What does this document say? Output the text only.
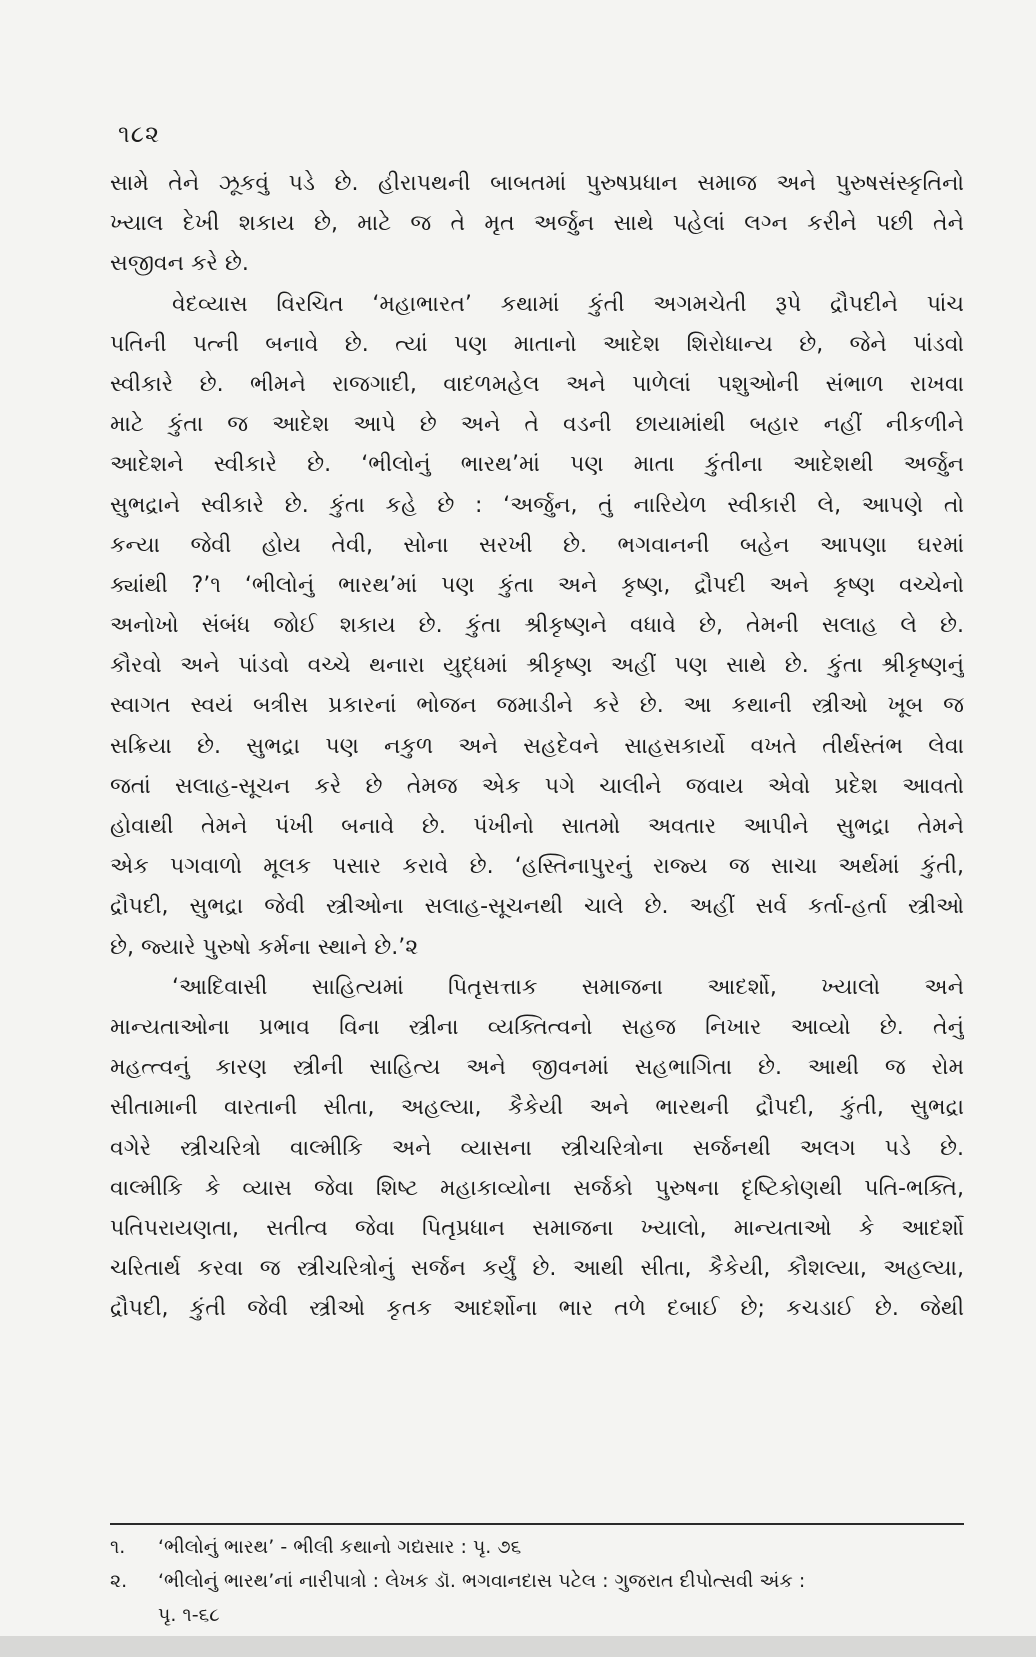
૧૮૨
સામે તેને ઝૂકવું પડે છે. હીરાપથની બાબતમાં પુરુષપ્રધાન સમાજ અને પુરુષસંસ્કૃતિનો
ખ્યાલ દેખી શકાય છે, માટે જ તે મૃત અર્જુન સાથે પહેલાં લગ્ન કરીને પછી તેને
સજીવન કરે છે.
વેદવ્યાસ વિરચિત ‘મહાભારત’ કથામાં કુંતી અગમચેતી રૂપે દ્રૌપદીને પાંચ
પતિની પત્ની બનાવે છે. ત્યાં પણ માતાનો આદેશ શિરોધાન્ય છે, જેને પાંડવો
સ્વીકારે છે. ભીમને રાજગાદી, વાદળમહેલ અને પાળેલાં પશુઓની સંભાળ રાખવા
માટે કુંતા જ આદેશ આપે છે અને તે વડની છાયામાંથી બહાર નહીં નીકળીને
આદેશને સ્વીકારે છે. ‘ભીલોનું ભારથ’માં પણ માતા કુંતીના આદેશથી અર્જુન
સુભદ્રાને સ્વીકારે છે. કુંતા કહે છે : ‘અર્જુન, તું નારિયેળ સ્વીકારી લે, આપણે તો
કન્યા જેવી હોય તેવી, સોના સરખી છે. ભગવાનની બહેન આપણા ઘરમાં
ક્યાંથી ?’૧ ‘ભીલોનું ભારથ’માં પણ કુંતા અને કૃષ્ણ, દ્રૌપદી અને કૃષ્ણ વચ્ચેનો
અનોખો સંબંધ જોઈ શકાય છે. કુંતા શ્રીકૃષ્ણને વધાવે છે, તેમની સલાહ લે છે.
કૌરવો અને પાંડવો વચ્ચે થનારા યુદ્ધમાં શ્રીકૃષ્ણ અહીં પણ સાથે છે. કુંતા શ્રીકૃષ્ણનું
સ્વાગત સ્વયં બત્રીસ પ્રકારનાં ભોજન જમાડીને કરે છે. આ કથાની સ્ત્રીઓ ખૂબ જ
સક્રિયા છે. સુભદ્રા પણ નકુળ અને સહદેવને સાહસકાર્યો વખતે તીર્થસ્તંભ લેવા
જતાં સલાહ-સૂચન કરે છે તેમજ એક પગે ચાલીને જવાય એવો પ્રદેશ આવતો
હોવાથી તેમને પંખી બનાવે છે. પંખીનો સાતમો અવતાર આપીને સુભદ્રા તેમને
એક પગવાળો મૂલક પસાર કરાવે છે. ‘હસ્તિનાપુરનું રાજ્ય જ સાચા અર્થમાં કુંતી,
દ્રૌપદી, સુભદ્રા જેવી સ્ત્રીઓના સલાહ-સૂચનથી ચાલે છે. અહીં સર્વ કર્તા-હર્તા સ્ત્રીઓ
છે, જ્યારે પુરુષો કર્મના સ્થાને છે.’૨
‘આદિવાસી સાહિત્યમાં પિતૃસત્તાક સમાજના આદર્શો, ખ્યાલો અને
માન્યતાઓના પ્રભાવ વિના સ્ત્રીના વ્યક્તિત્વનો સહજ નિખાર આવ્યો છે. તેનું
મહત્ત્વનું કારણ સ્ત્રીની સાહિત્ય અને જીવનમાં સહભાગિતા છે. આથી જ રોમ
સીતામાની વારતાની સીતા, અહલ્યા, કૈકેયી અને ભારથની દ્રૌપદી, કુંતી, સુભદ્રા
વગેરે સ્ત્રીચરિત્રો વાલ્મીકિ અને વ્યાસના સ્ત્રીચરિત્રોના સર્જનથી અલગ પડે છે.
વાલ્મીકિ કે વ્યાસ જેવા શિષ્ટ મહાકાવ્યોના સર્જકો પુરુષના દૃષ્ટિકોણથી પતિ-ભક્તિ,
પતિપરાયણતા, સતીત્વ જેવા પિતૃપ્રધાન સમાજના ખ્યાલો, માન્યતાઓ કે આદર્શો
ચરિતાર્થ કરવા જ સ્ત્રીચરિત્રોનું સર્જન કર્યું છે. આથી સીતા, કૈકેયી, કૌશલ્યા, અહલ્યા,
દ્રૌપદી, કુંતી જેવી સ્ત્રીઓ કૃતક આદર્શોના ભાર તળે દબાઈ છે; કચડાઈ છે. જેથી
૧.	‘ભીલોનું ભારથ’ - ભીલી કથાનો ગદ્યસાર : પૃ. ૭૬
૨.	‘ભીલોનું ભારથ’નાં નારીપાત્રો : લેખક ડૉ. ભગવાનદાસ પટેલ : ગુજરાત દીપોત્સવી અંક :
પૃ. ૧-૬૮
